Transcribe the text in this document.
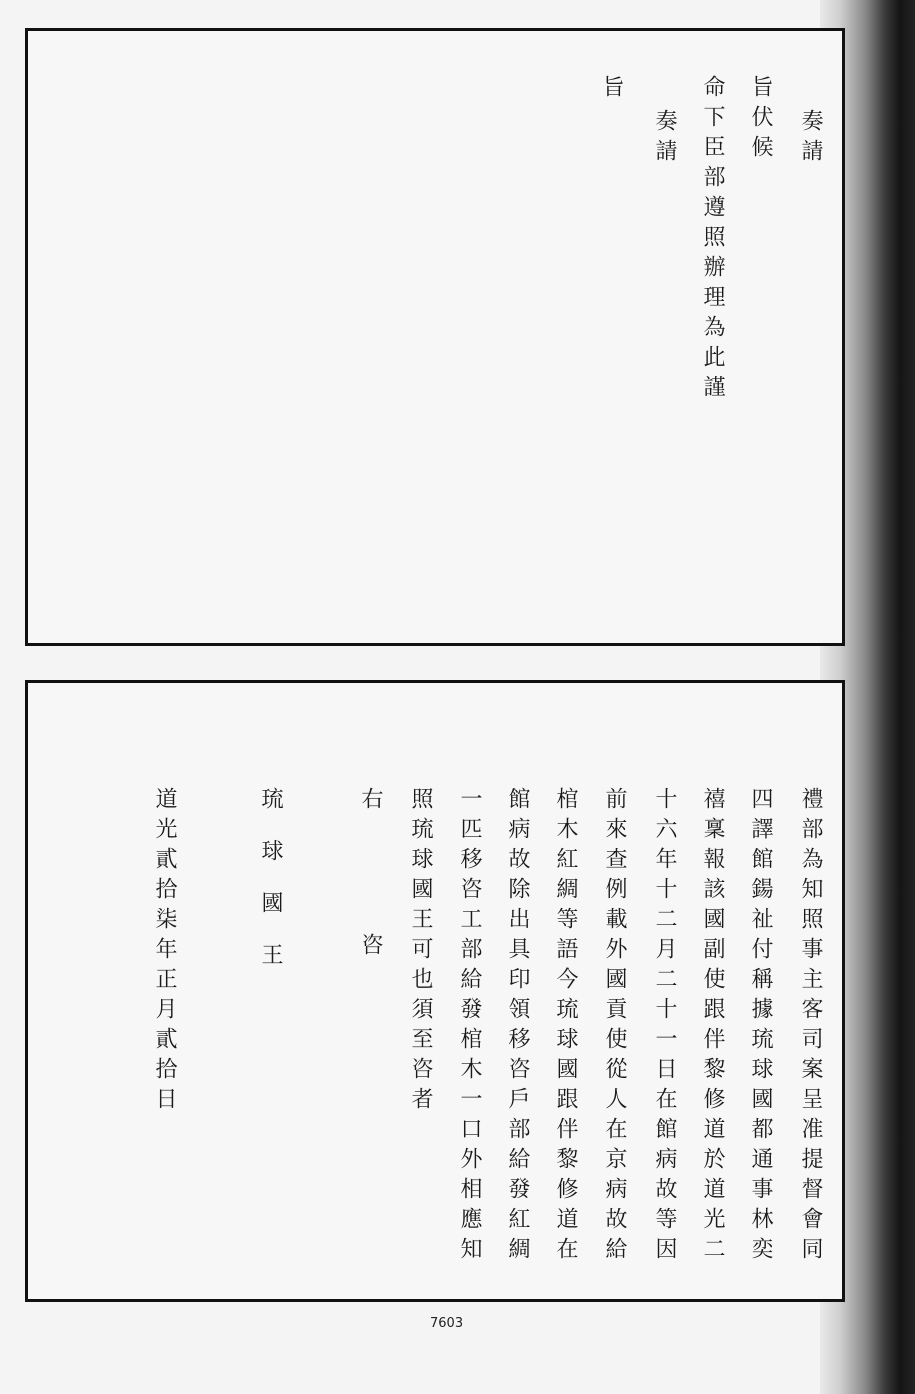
奏請
旨伏候
命下臣部遵照辦理為此謹
奏請
旨
禮部為知照事主客司案呈准提督會同
四譯館鍚祉付稱據琉球國都通事林奕
禧稟報該國副使跟伴黎修道於道光二
十六年十二月二十一日在館病故等因
前來查例載外國貢使從人在京病故給
棺木紅綢等語今琉球國跟伴黎修道在
館病故除出具印領移咨戶部給發紅綢
一匹移咨工部給發棺木一口外相應知
照琉球國王可也須至咨者
右
咨
琉球國王
道光貳拾柒年正月貳拾日
7603
